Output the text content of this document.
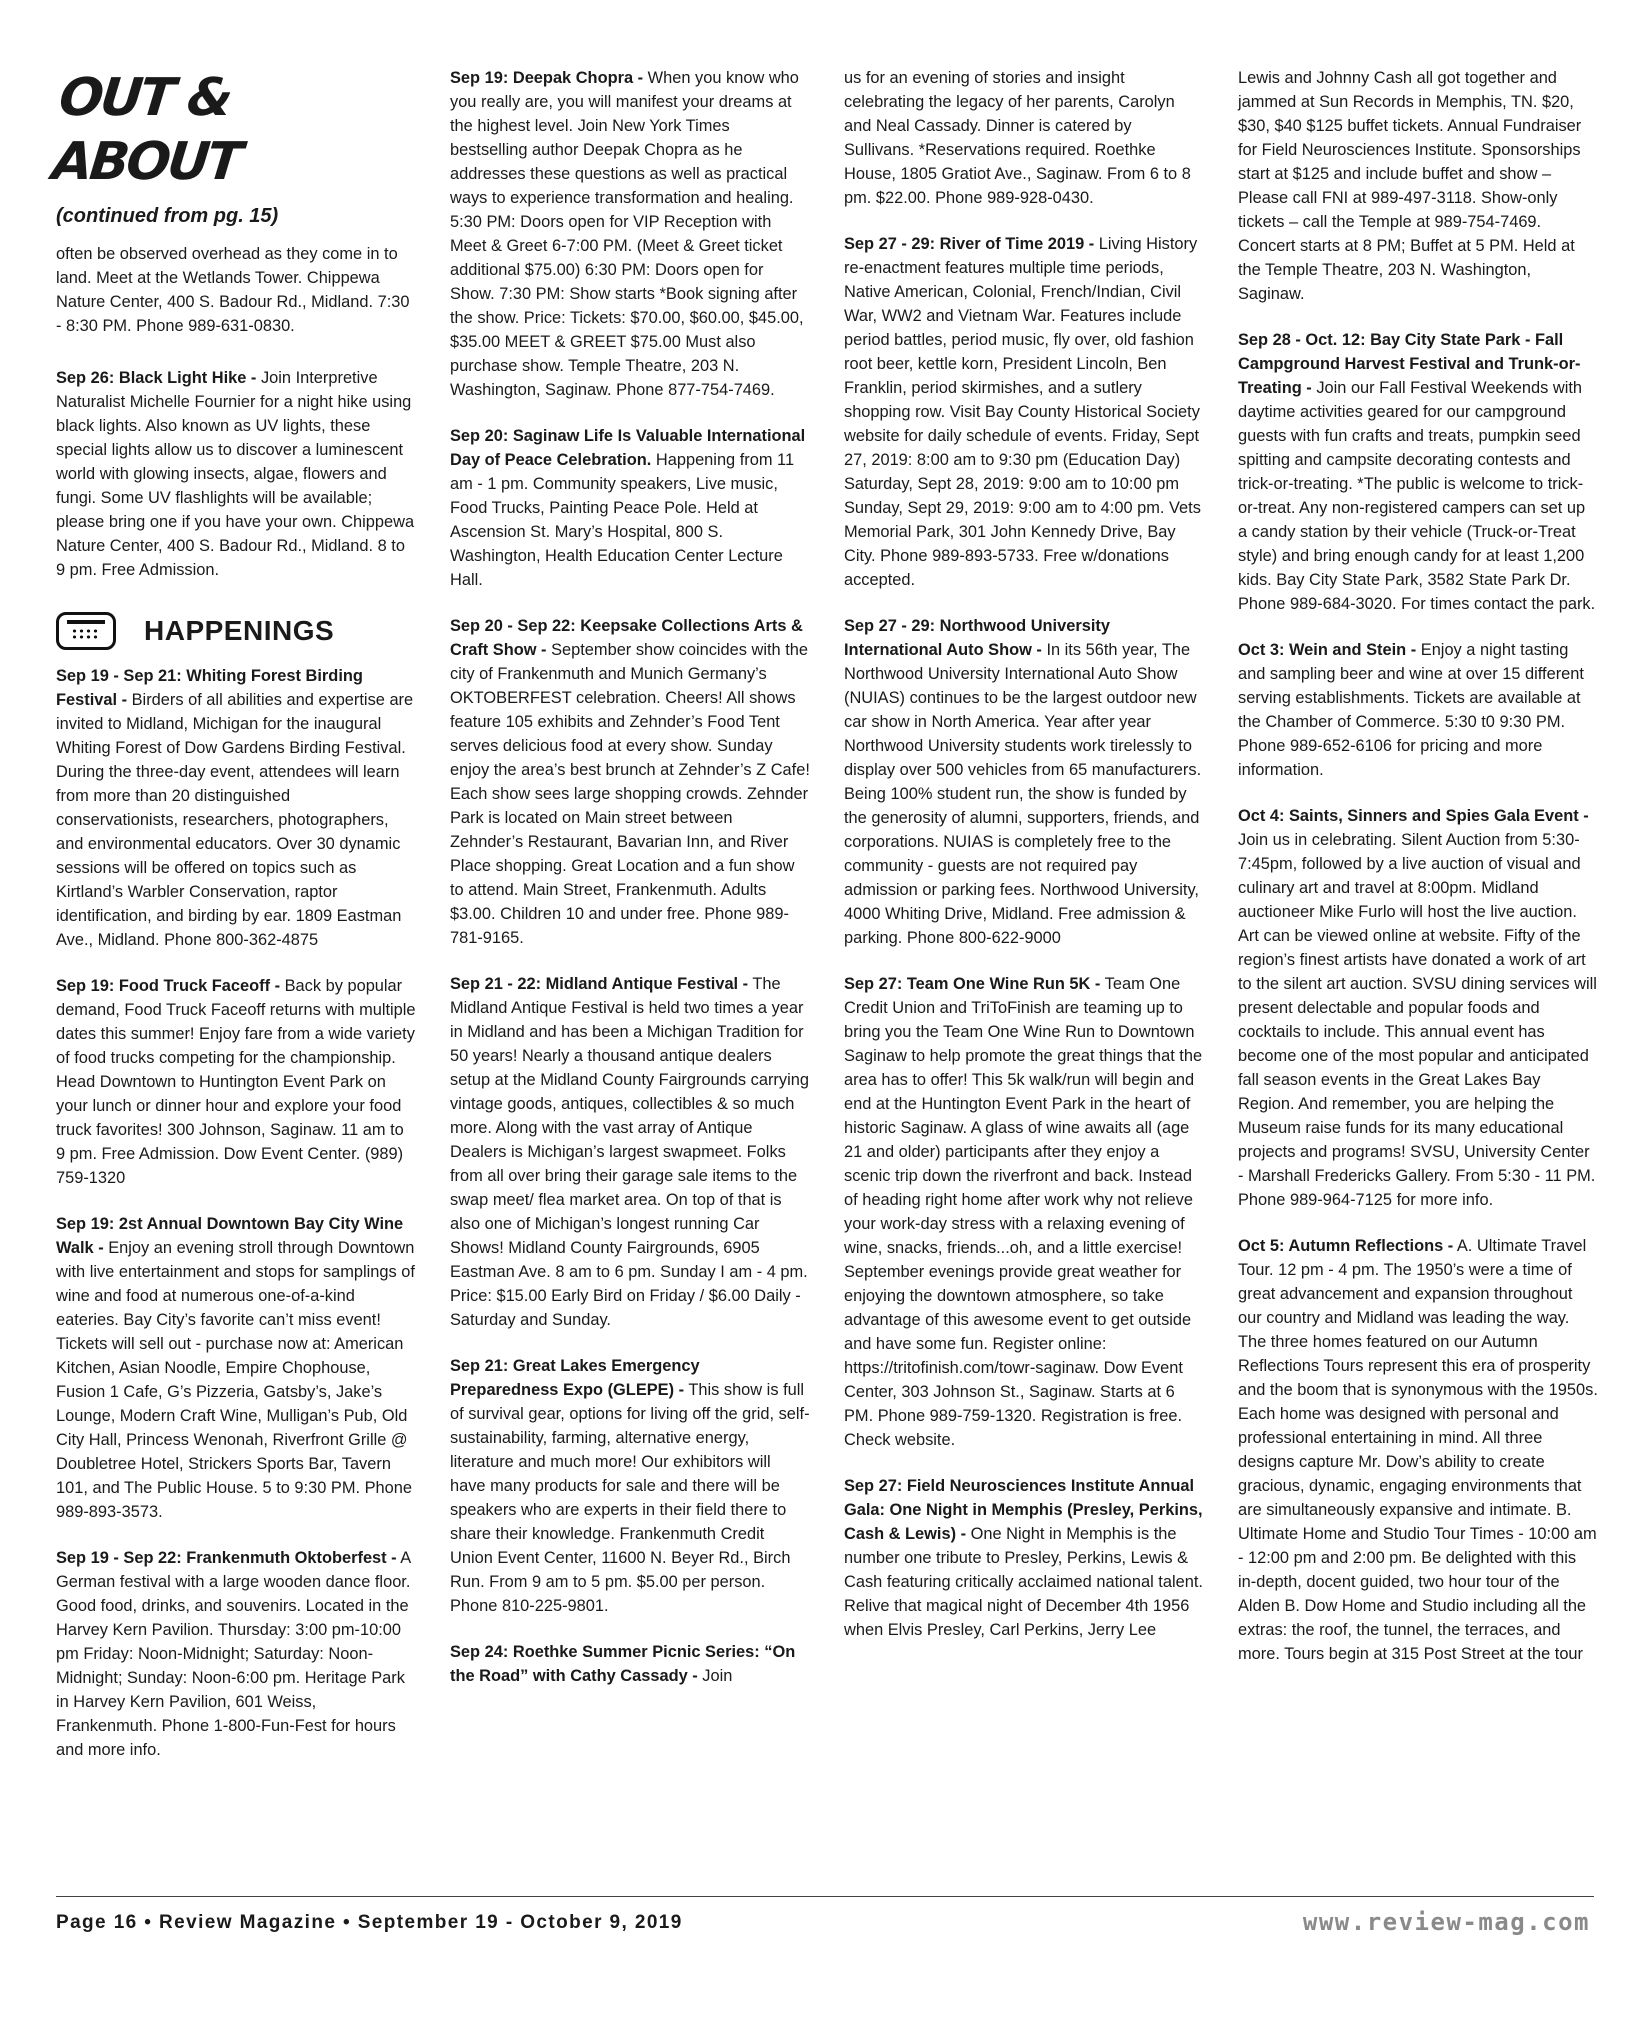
OUT & ABOUT
(continued from pg. 15)

often be observed overhead as they come in to land. Meet at the Wetlands Tower. Chippewa Nature Center, 400 S. Badour Rd., Midland. 7:30 - 8:30 PM. Phone 989-631-0830.

Sep 26: Black Light Hike - Join Interpretive Naturalist Michelle Fournier for a night hike using black lights. Also known as UV lights, these special lights allow us to discover a luminescent world with glowing insects, algae, flowers and fungi. Some UV flashlights will be available; please bring one if you have your own. Chippewa Nature Center, 400 S. Badour Rd., Midland. 8 to 9 pm. Free Admission.

HAPPENINGS

Sep 19 - Sep 21: Whiting Forest Birding Festival - Birders of all abilities and expertise are invited to Midland, Michigan for the inaugural Whiting Forest of Dow Gardens Birding Festival. During the three-day event, attendees will learn from more than 20 distinguished conservationists, researchers, photographers, and environmental educators. Over 30 dynamic sessions will be offered on topics such as Kirtland’s Warbler Conservation, raptor identification, and birding by ear. 1809 Eastman Ave., Midland. Phone 800-362-4875

Sep 19: Food Truck Faceoff - Back by popular demand, Food Truck Faceoff returns with multiple dates this summer! Enjoy fare from a wide variety of food trucks competing for the championship. Head Downtown to Huntington Event Park on your lunch or dinner hour and explore your food truck favorites! 300 Johnson, Saginaw. 11 am to 9 pm. Free Admission. Dow Event Center. (989) 759-1320

Sep 19: 2st Annual Downtown Bay City Wine Walk - Enjoy an evening stroll through Downtown with live entertainment and stops for samplings of wine and food at numerous one-of-a-kind eateries. Bay City’s favorite can’t miss event! Tickets will sell out - purchase now at: American Kitchen, Asian Noodle, Empire Chophouse, Fusion 1 Cafe, G’s Pizzeria, Gatsby’s, Jake’s Lounge, Modern Craft Wine, Mulligan’s Pub, Old City Hall, Princess Wenonah, Riverfront Grille @ Doubletree Hotel, Strickers Sports Bar, Tavern 101, and The Public House. 5 to 9:30 PM. Phone 989-893-3573.

Sep 19 - Sep 22: Frankenmuth Oktoberfest - A German festival with a large wooden dance floor. Good food, drinks, and souvenirs. Located in the Harvey Kern Pavilion. Thursday: 3:00 pm-10:00 pm Friday: Noon-Midnight; Saturday: Noon-Midnight; Sunday: Noon-6:00 pm. Heritage Park in Harvey Kern Pavilion, 601 Weiss, Frankenmuth. Phone 1-800-Fun-Fest for hours and more info.

Sep 19: Deepak Chopra - When you know who you really are, you will manifest your dreams at the highest level. Join New York Times bestselling author Deepak Chopra as he addresses these questions as well as practical ways to experience transformation and healing. 5:30 PM: Doors open for VIP Reception with Meet & Greet 6-7:00 PM. (Meet & Greet ticket additional $75.00) 6:30 PM: Doors open for Show. 7:30 PM: Show starts *Book signing after the show. Price: Tickets: $70.00, $60.00, $45.00, $35.00 MEET & GREET $75.00 Must also purchase show. Temple Theatre, 203 N. Washington, Saginaw. Phone 877-754-7469.

Sep 20: Saginaw Life Is Valuable International Day of Peace Celebration. Happening from 11 am - 1 pm. Community speakers, Live music, Food Trucks, Painting Peace Pole. Held at Ascension St. Mary’s Hospital, 800 S. Washington, Health Education Center Lecture Hall.

Sep 20 - Sep 22: Keepsake Collections Arts & Craft Show - September show coincides with the city of Frankenmuth and Munich Germany’s OKTOBERFEST celebration. Cheers! All shows feature 105 exhibits and Zehnder’s Food Tent serves delicious food at every show. Sunday enjoy the area’s best brunch at Zehnder’s Z Cafe! Each show sees large shopping crowds. Zehnder Park is located on Main street between Zehnder’s Restaurant, Bavarian Inn, and River Place shopping. Great Location and a fun show to attend. Main Street, Frankenmuth. Adults $3.00. Children 10 and under free. Phone 989-781-9165.

Sep 21 - 22: Midland Antique Festival - The Midland Antique Festival is held two times a year in Midland and has been a Michigan Tradition for 50 years! Nearly a thousand antique dealers setup at the Midland County Fairgrounds carrying vintage goods, antiques, collectibles & so much more. Along with the vast array of Antique Dealers is Michigan’s largest swapmeet. Folks from all over bring their garage sale items to the swap meet/ flea market area. On top of that is also one of Michigan’s longest running Car Shows! Midland County Fairgrounds, 6905 Eastman Ave. 8 am to 6 pm. Sunday I am - 4 pm. Price: $15.00 Early Bird on Friday / $6.00 Daily - Saturday and Sunday.

Sep 21: Great Lakes Emergency Preparedness Expo (GLEPE) - This show is full of survival gear, options for living off the grid, self-sustainability, farming, alternative energy, literature and much more! Our exhibitors will have many products for sale and there will be speakers who are experts in their field there to share their knowledge. Frankenmuth Credit Union Event Center, 11600 N. Beyer Rd., Birch Run. From 9 am to 5 pm. $5.00 per person. Phone 810-225-9801.

Sep 24: Roethke Summer Picnic Series: “On the Road” with Cathy Cassady - Join

us for an evening of stories and insight celebrating the legacy of her parents, Carolyn and Neal Cassady. Dinner is catered by Sullivans. *Reservations required. Roethke House, 1805 Gratiot Ave., Saginaw. From 6 to 8 pm. $22.00. Phone 989-928-0430.

Sep 27 - 29: River of Time 2019 - Living History re-enactment features multiple time periods, Native American, Colonial, French/Indian, Civil War, WW2 and Vietnam War. Features include period battles, period music, fly over, old fashion root beer, kettle korn, President Lincoln, Ben Franklin, period skirmishes, and a sutlery shopping row. Visit Bay County Historical Society website for daily schedule of events. Friday, Sept 27, 2019: 8:00 am to 9:30 pm (Education Day) Saturday, Sept 28, 2019: 9:00 am to 10:00 pm Sunday, Sept 29, 2019: 9:00 am to 4:00 pm. Vets Memorial Park, 301 John Kennedy Drive, Bay City. Phone 989-893-5733. Free w/donations accepted.

Sep 27 - 29: Northwood University International Auto Show - In its 56th year, The Northwood University International Auto Show (NUIAS) continues to be the largest outdoor new car show in North America. Year after year Northwood University students work tirelessly to display over 500 vehicles from 65 manufacturers. Being 100% student run, the show is funded by the generosity of alumni, supporters, friends, and corporations. NUIAS is completely free to the community - guests are not required pay admission or parking fees. Northwood University, 4000 Whiting Drive, Midland. Free admission & parking. Phone 800-622-9000

Sep 27: Team One Wine Run 5K - Team One Credit Union and TriToFinish are teaming up to bring you the Team One Wine Run to Downtown Saginaw to help promote the great things that the area has to offer! This 5k walk/run will begin and end at the Huntington Event Park in the heart of historic Saginaw. A glass of wine awaits all (age 21 and older) participants after they enjoy a scenic trip down the riverfront and back. Instead of heading right home after work why not relieve your work-day stress with a relaxing evening of wine, snacks, friends...oh, and a little exercise! September evenings provide great weather for enjoying the downtown atmosphere, so take advantage of this awesome event to get outside and have some fun. Register online: https://tritofinish.com/towr-saginaw. Dow Event Center, 303 Johnson St., Saginaw. Starts at 6 PM. Phone 989-759-1320. Registration is free. Check website.

Sep 27: Field Neurosciences Institute Annual Gala: One Night in Memphis (Presley, Perkins, Cash & Lewis) - One Night in Memphis is the number one tribute to Presley, Perkins, Lewis & Cash featuring critically acclaimed national talent. Relive that magical night of December 4th 1956 when Elvis Presley, Carl Perkins, Jerry Lee

Lewis and Johnny Cash all got together and jammed at Sun Records in Memphis, TN. $20, $30, $40 $125 buffet tickets. Annual Fundraiser for Field Neurosciences Institute. Sponsorships start at $125 and include buffet and show – Please call FNI at 989-497-3118. Show-only tickets – call the Temple at 989-754-7469. Concert starts at 8 PM; Buffet at 5 PM. Held at the Temple Theatre, 203 N. Washington, Saginaw.

Sep 28 - Oct. 12: Bay City State Park - Fall Campground Harvest Festival and Trunk-or-Treating - Join our Fall Festival Weekends with daytime activities geared for our campground guests with fun crafts and treats, pumpkin seed spitting and campsite decorating contests and trick-or-treating. *The public is welcome to trick-or-treat. Any non-registered campers can set up a candy station by their vehicle (Truck-or-Treat style) and bring enough candy for at least 1,200 kids. Bay City State Park, 3582 State Park Dr. Phone 989-684-3020. For times contact the park.

Oct 3: Wein and Stein - Enjoy a night tasting and sampling beer and wine at over 15 different serving establishments. Tickets are available at the Chamber of Commerce. 5:30 t0 9:30 PM. Phone 989-652-6106 for pricing and more information.

Oct 4: Saints, Sinners and Spies Gala Event - Join us in celebrating. Silent Auction from 5:30-7:45pm, followed by a live auction of visual and culinary art and travel at 8:00pm. Midland auctioneer Mike Furlo will host the live auction. Art can be viewed online at website. Fifty of the region’s finest artists have donated a work of art to the silent art auction. SVSU dining services will present delectable and popular foods and cocktails to include. This annual event has become one of the most popular and anticipated fall season events in the Great Lakes Bay Region. And remember, you are helping the Museum raise funds for its many educational projects and programs! SVSU, University Center - Marshall Fredericks Gallery. From 5:30 - 11 PM. Phone 989-964-7125 for more info.

Oct 5: Autumn Reflections - A. Ultimate Travel Tour. 12 pm - 4 pm. The 1950’s were a time of great advancement and expansion throughout our country and Midland was leading the way. The three homes featured on our Autumn Reflections Tours represent this era of prosperity and the boom that is synonymous with the 1950s. Each home was designed with personal and professional entertaining in mind. All three designs capture Mr. Dow’s ability to create gracious, dynamic, engaging environments that are simultaneously expansive and intimate. B. Ultimate Home and Studio Tour Times - 10:00 am - 12:00 pm and 2:00 pm. Be delighted with this in-depth, docent guided, two hour tour of the Alden B. Dow Home and Studio including all the extras: the roof, the tunnel, the terraces, and more. Tours begin at 315 Post Street at the tour

Page 16 • Review Magazine • September 19 - October 9, 2019	www.review-mag.com
